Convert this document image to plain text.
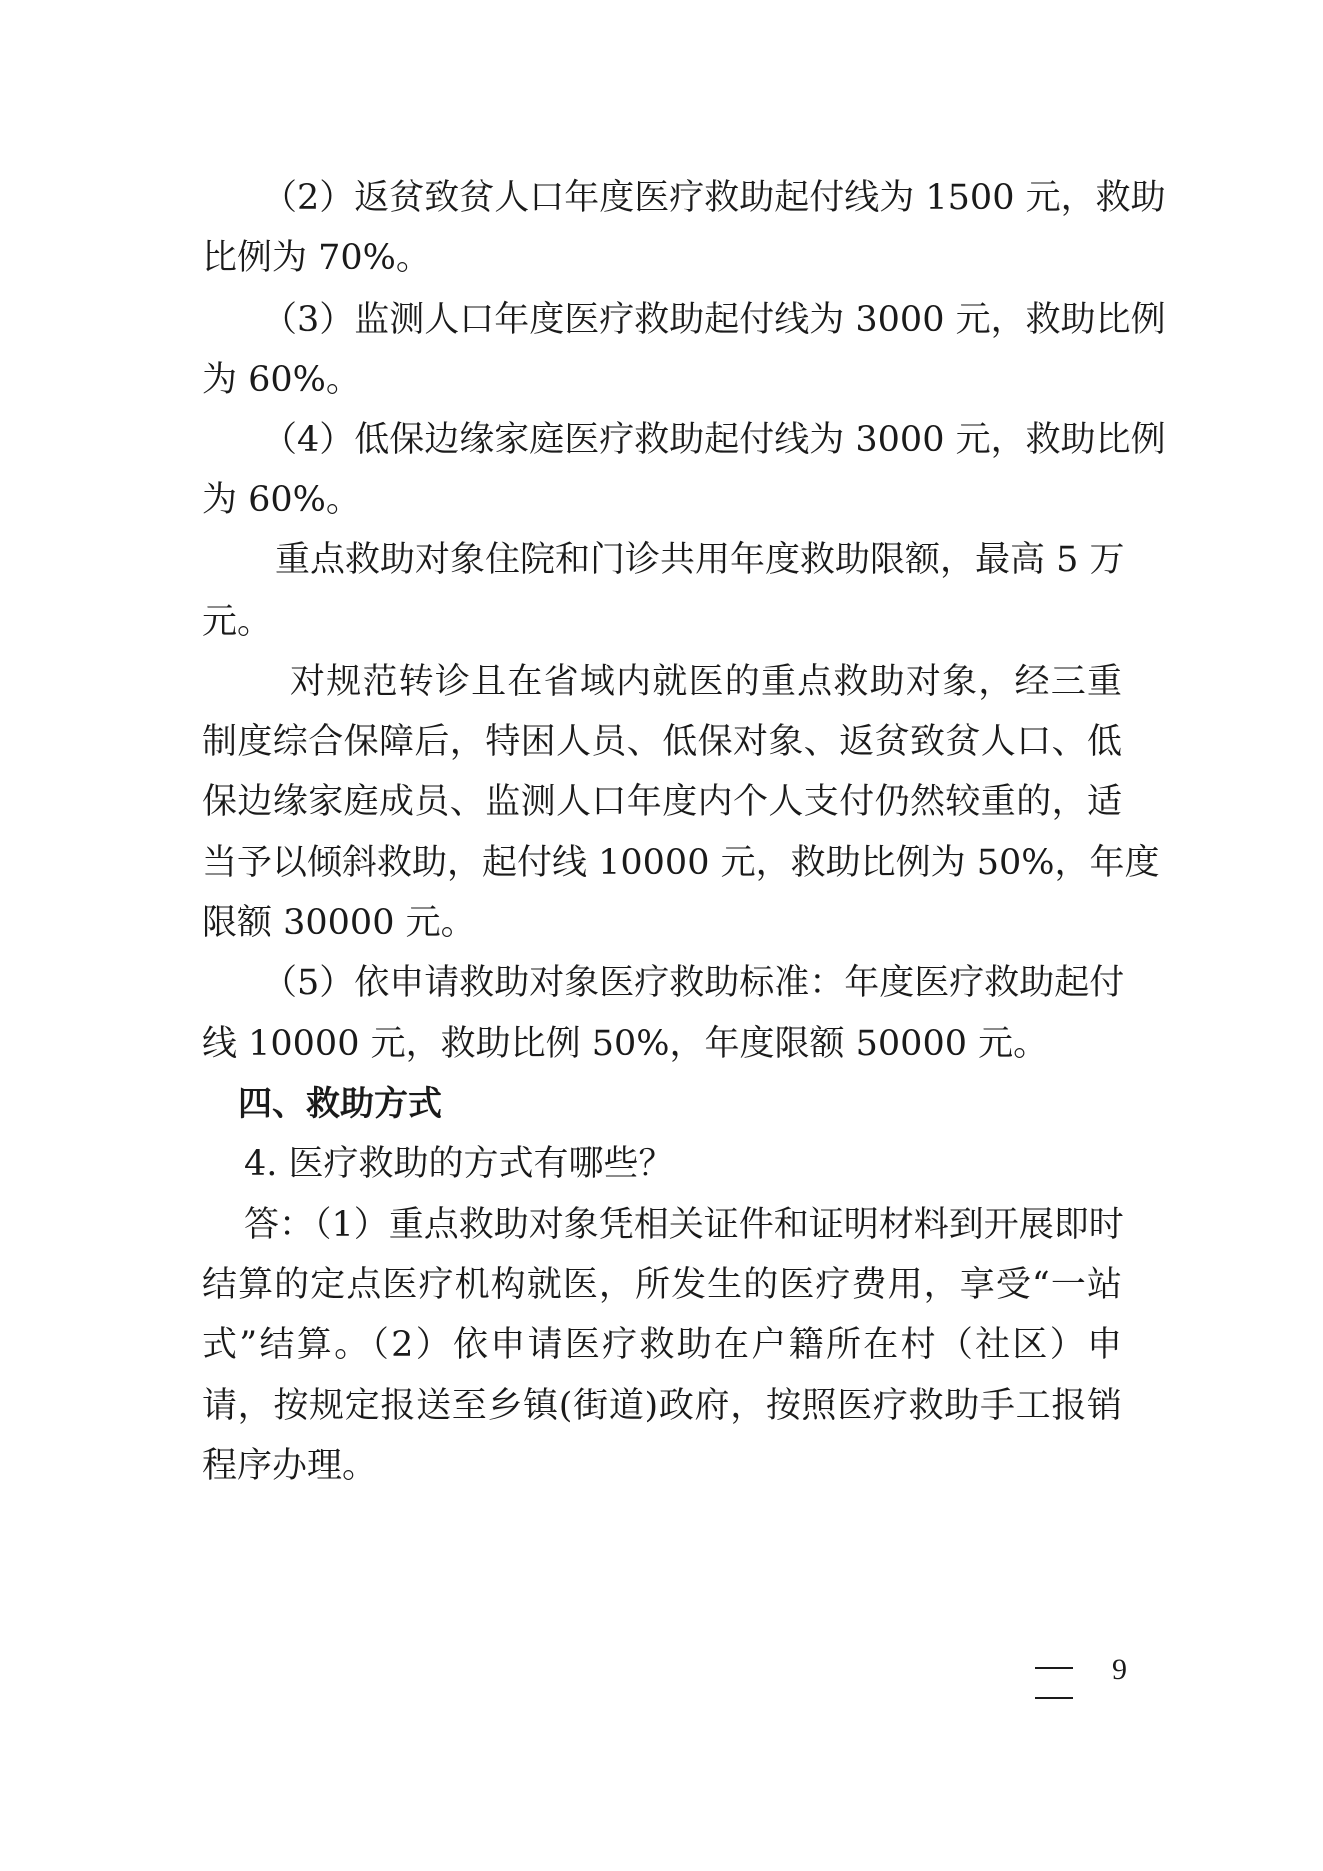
（2）返贫致贫人口年度医疗救助起付线为 1500 元，救助
比例为 70%。
（3）监测人口年度医疗救助起付线为 3000 元，救助比例
为 60%。
（4）低保边缘家庭医疗救助起付线为 3000 元，救助比例
为 60%。
重点救助对象住院和门诊共用年度救助限额，最高 5 万
元。
对规范转诊且在省域内就医的重点救助对象，经三重
制度综合保障后，特困人员、低保对象、返贫致贫人口、低
保边缘家庭成员、监测人口年度内个人支付仍然较重的，适
当予以倾斜救助，起付线 10000 元，救助比例为 50%，年度
限额 30000 元。
（5）依申请救助对象医疗救助标准：年度医疗救助起付
线 10000 元，救助比例 50%，年度限额 50000 元。
四、救助方式
4. 医疗救助的方式有哪些？
答：（1）重点救助对象凭相关证件和证明材料到开展即时
结算的定点医疗机构就医，所发生的医疗费用，享受“一站
式”结算。（2）依申请医疗救助在户籍所在村（社区）申
请，按规定报送至乡镇(街道)政府，按照医疗救助手工报销
程序办理。
9
